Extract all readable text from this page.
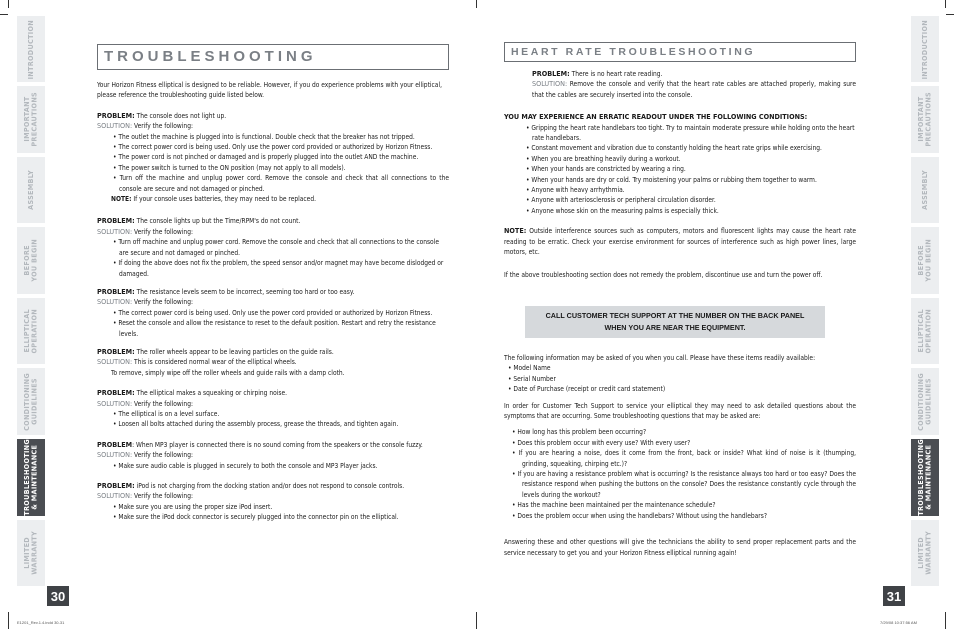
INTRODUCTION
IMPORTANT
PRECAUTIONS
ASSEMBLY
BEFORE
YOU BEGIN
ELLIPTICAL
OPERATION
CONDITIONING
GUIDELINES
TROUBLESHOOTING
& MAINTENANCE
LIMITED
WARRANTY
30
INTRODUCTION
IMPORTANT
PRECAUTIONS
ASSEMBLY
BEFORE
YOU BEGIN
ELLIPTICAL
OPERATION
CONDITIONING
GUIDELINES
TROUBLESHOOTING
& MAINTENANCE
LIMITED
WARRANTY
31
TROUBLESHOOTING

Your Horizon Fitness elliptical is designed to be reliable. However, if you do experience problems with your elliptical, please reference the troubleshooting guide listed below.

PROBLEM: The console does not light up.

SOLUTION: Verify the following:

• The outlet the machine is plugged into is functional. Double check that the breaker has not tripped.

• The correct power cord is being used. Only use the power cord provided or authorized by Horizon Fitness.

• The power cord is not pinched or damaged and is properly plugged into the outlet AND the machine.

• The power switch is turned to the ON position (may not apply to all models).

• Turn off the machine and unplug power cord. Remove the console and check that all connections to the console are secure and not damaged or pinched.

NOTE: If your console uses batteries, they may need to be replaced.

PROBLEM: The console lights up but the Time/RPM's do not count.

SOLUTION: Verify the following:

• Turn off machine and unplug power cord. Remove the console and check that all connections to the console are secure and not damaged or pinched.

• If doing the above does not fix the problem, the speed sensor and/or magnet may have become dislodged or damaged.

PROBLEM: The resistance levels seem to be incorrect, seeming too hard or too easy.

SOLUTION: Verify the following:

• The correct power cord is being used. Only use the power cord provided or authorized by Horizon Fitness.

• Reset the console and allow the resistance to reset to the default position. Restart and retry the resistance levels.

PROBLEM: The roller wheels appear to be leaving particles on the guide rails.

SOLUTION: This is considered normal wear of the elliptical wheels.

To remove, simply wipe off the roller wheels and guide rails with a damp cloth.

PROBLEM: The elliptical makes a squeaking or chirping noise.

SOLUTION: Verify the following:

• The elliptical is on a level surface.

• Loosen all bolts attached during the assembly process, grease the threads, and tighten again.

PROBLEM: When MP3 player is connected there is no sound coming from the speakers or the console fuzzy.

SOLUTION: Verify the following:

• Make sure audio cable is plugged in securely to both the console and MP3 Player jacks.

PROBLEM: iPod is not charging from the docking station and/or does not respond to console controls.

SOLUTION: Verify the following:

• Make sure you are using the proper size iPod insert.

• Make sure the iPod dock connector is securely plugged into the connector pin on the elliptical.

E1201_Rev.1.4.indd 30-31
HEART RATE TROUBLESHOOTING

PROBLEM: There is no heart rate reading.

SOLUTION: Remove the console and verify that the heart rate cables are attached properly, making sure that the cables are securely inserted into the console.

YOU MAY EXPERIENCE AN ERRATIC READOUT UNDER THE FOLLOWING CONDITIONS:

• Gripping the heart rate handlebars too tight. Try to maintain moderate pressure while holding onto the heart rate handlebars.

• Constant movement and vibration due to constantly holding the heart rate grips while exercising.

• When you are breathing heavily during a workout.

• When your hands are constricted by wearing a ring.

• When your hands are dry or cold. Try moistening your palms or rubbing them together to warm.

• Anyone with heavy arrhythmia.

• Anyone with arteriosclerosis or peripheral circulation disorder.

• Anyone whose skin on the measuring palms is especially thick.

NOTE: Outside interference sources such as computers, motors and fluorescent lights may cause the heart rate reading to be erratic. Check your exercise environment for sources of interference such as high power lines, large motors, etc.

If the above troubleshooting section does not remedy the problem, discontinue use and turn the power off.

CALL CUSTOMER TECH SUPPORT AT THE NUMBER ON THE BACK PANEL

WHEN YOU ARE NEAR THE EQUIPMENT.

The following information may be asked of you when you call. Please have these items readily available:

• Model Name

• Serial Number

• Date of Purchase (receipt or credit card statement)

In order for Customer Tech Support to service your elliptical they may need to ask detailed questions about the symptoms that are occurring. Some troubleshooting questions that may be asked are:

• How long has this problem been occurring?

• Does this problem occur with every use? With every user?

• If you are hearing a noise, does it come from the front, back or inside? What kind of noise is it (thumping, grinding, squeaking, chirping etc.)?

• If you are having a resistance problem what is occurring? Is the resistance always too hard or too easy? Does the resistance respond when pushing the buttons on the console? Does the resistance constantly cycle through the levels during the workout?

• Has the machine been maintained per the maintenance schedule?

• Does the problem occur when using the handlebars? Without using the handlebars?

Answering these and other questions will give the technicians the ability to send proper replacement parts and the service necessary to get you and your Horizon Fitness elliptical running again!

7/29/08 10:37:56 AM
